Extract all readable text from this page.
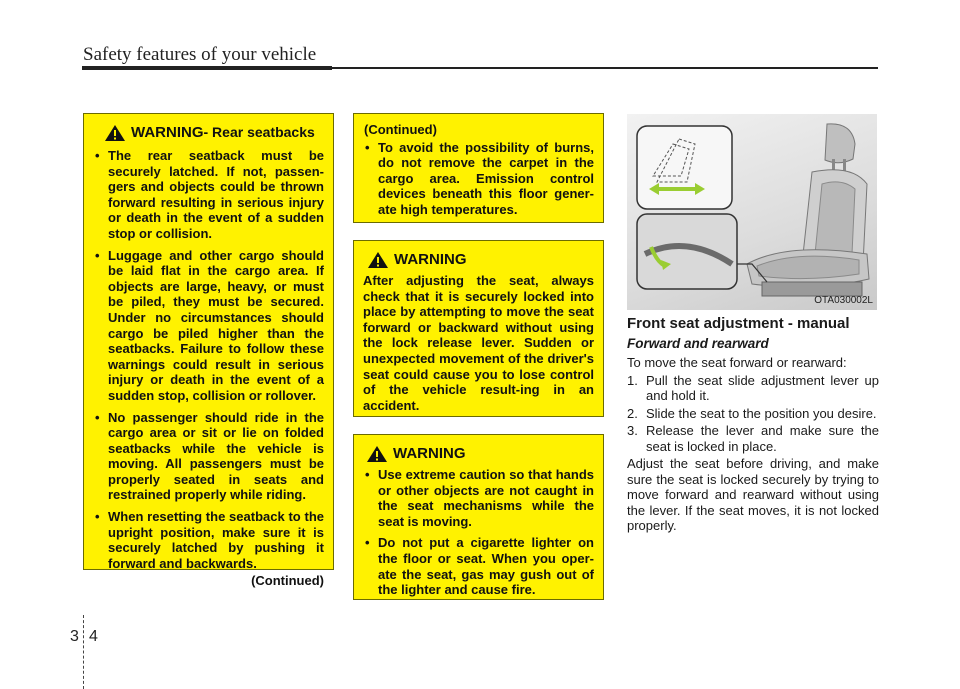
Safety features of your vehicle
WARNING - Rear seatbacks
• The rear seatback must be securely latched. If not, passen-gers and objects could be thrown forward resulting in serious injury or death in the event of a sudden stop or collision.
• Luggage and other cargo should be laid flat in the cargo area. If objects are large, heavy, or must be piled, they must be secured. Under no circumstances should cargo be piled higher than the seatbacks. Failure to follow these warnings could result in serious injury or death in the event of a sudden stop, collision or rollover.
• No passenger should ride in the cargo area or sit or lie on folded seatbacks while the vehicle is moving. All passengers must be properly seated in seats and restrained properly while riding.
• When resetting the seatback to the upright position, make sure it is securely latched by pushing it forward and backwards.
(Continued)
(Continued)
• To avoid the possibility of burns, do not remove the carpet in the cargo area. Emission control devices beneath this floor gener-ate high temperatures.
WARNING
After adjusting the seat, always check that it is securely locked into place by attempting to move the seat forward or backward without using the lock release lever. Sudden or unexpected movement of the driver's seat could cause you to lose control of the vehicle result-ing in an accident.
WARNING
• Use extreme caution so that hands or other objects are not caught in the seat mechanisms while the seat is moving.
• Do not put a cigarette lighter on the floor or seat. When you oper-ate the seat, gas may gush out of the lighter and cause fire.
OTA030002L
Front seat adjustment - manual
Forward and rearward
To move the seat forward or rearward:
1. Pull the seat slide adjustment lever up and hold it.
2. Slide the seat to the position you desire.
3. Release the lever and make sure the seat is locked in place.
Adjust the seat before driving, and make sure the seat is locked securely by trying to move forward and rearward without using the lever. If the seat moves, it is not locked properly.
3 4
